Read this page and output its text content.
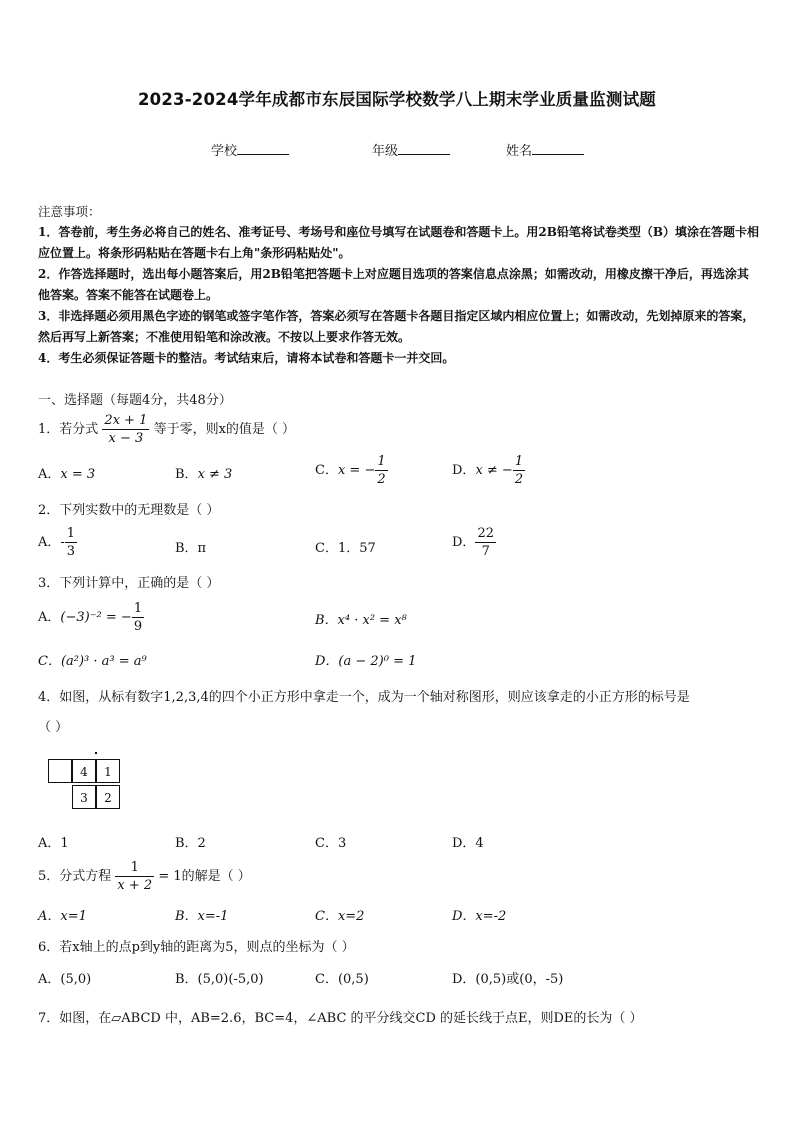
2023-2024学年成都市东辰国际学校数学八上期末学业质量监测试题
学校	年级	姓名
注意事项：
1．答卷前，考生务必将自己的姓名、准考证号、考场号和座位号填写在试题卷和答题卡上。用2B铅笔将试卷类型（B）填涂在答题卡相应位置上。将条形码粘贴在答题卡右上角"条形码粘贴处"。
2．作答选择题时，选出每小题答案后，用2B铅笔把答题卡上对应题目选项的答案信息点涂黑；如需改动，用橡皮擦干净后，再选涂其他答案。答案不能答在试题卷上。
3．非选择题必须用黑色字迹的钢笔或签字笔作答，答案必须写在答题卡各题目指定区域内相应位置上；如需改动，先划掉原来的答案，然后再写上新答案；不准使用铅笔和涂改液。不按以上要求作答无效。
4．考生必须保证答题卡的整洁。考试结束后，请将本试卷和答题卡一并交回。
一、选择题（每题4分，共48分）
1．若分式 $\frac{2x + 1}{x - 3}$ 等于零，则x的值是（ ）
A．x = 3	B．x ≠ 3	C．x = − $\frac{1}{2}$	D．x ≠ − $\frac{1}{2}$
2．下列实数中的无理数是（ ）
A．- $\frac{1}{3}$	B．π	C．1．57	D． $\frac{22}{7}$
3．下列计算中，正确的是（ ）
A．(−3)⁻² = − $\frac{1}{9}$	B．x⁴ · x² = x⁸
C．(a²)³ · a³ = a⁹	D．(a − 2)⁰ = 1
4．如图，从标有数字1,2,3,4的四个小正方形中拿走一个，成为一个轴对称图形，则应该拿走的小正方形的标号是
（ ）
4	1
3	2
A．1	B．2	C．3	D．4
5．分式方程 $\frac{1}{x + 2} = 1$的解是（ ）
A．x=1	B．x=-1	C．x=2	D．x=-2
6．若x轴上的点p到y轴的距离为5，则点的坐标为（ ）
A．(5,0)	B．(5,0)(-5,0)	C．(0,5)	D．(0,5)或(0，-5)
7．如图，在▱ABCD 中，AB=2.6，BC=4，∠ABC 的平分线交CD 的延长线于点E，则DE的长为（ ）
